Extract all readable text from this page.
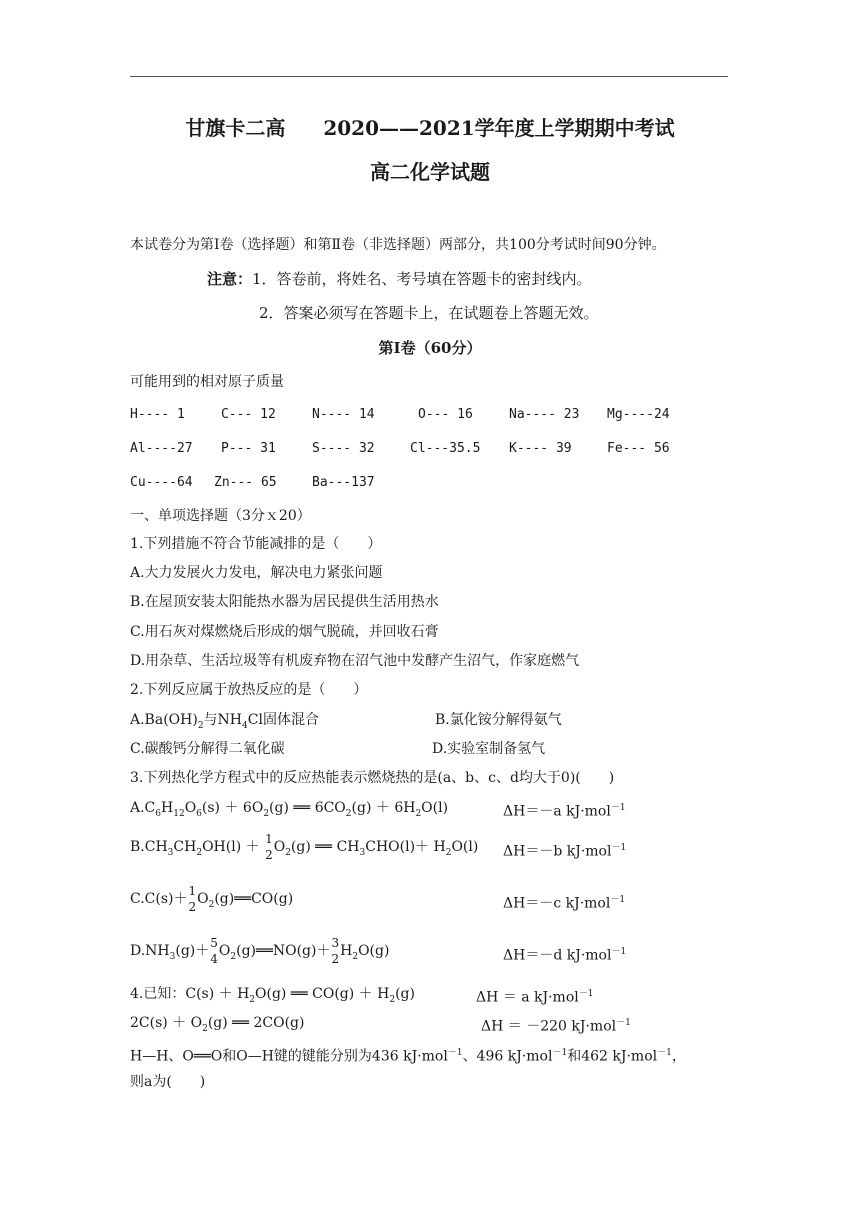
甘旗卡二高 2020——2021学年度上学期期中考试
高二化学试题
本试卷分为第Ⅰ卷（选择题）和第Ⅱ卷（非选择题）两部分，共100分考试时间90分钟。
注意：1．答卷前，将姓名、考号填在答题卡的密封线内。
2．答案必须写在答题卡上，在试题卷上答题无效。
第Ⅰ卷（60分）
可能用到的相对原子质量
H---- 1	C--- 12	N---- 14	O--- 16	Na---- 23 Mg----24
Al----27 P--- 31	S---- 32	Cl---35.5 K---- 39	Fe--- 56
Cu----64 Zn--- 65	Ba---137
一、单项选择题（3分ｘ20）
1.下列措施不符合节能减排的是（　　）
A.大力发展火力发电，解决电力紧张问题
B.在屋顶安装太阳能热水器为居民提供生活用热水
C.用石灰对煤燃烧后形成的烟气脱硫，并回收石膏
D.用杂草、生活垃圾等有机废弃物在沼气池中发酵产生沼气，作家庭燃气
2.下列反应属于放热反应的是（　　）
$A.Ba(OH)_2$与$NH_4Cl$固体混合	B.氯化铵分解得氨气
C.碳酸钙分解得二氧化碳	D.实验室制备氢气
3.下列热化学方程式中的反应热能表示燃烧热的是(a、b、c、d均大于0)(　　)
$A.C_6H_{12}O_6(s) + 6O_2(g)$ ══ $6CO_2(g) + 6H_2O(l)$	ΔH＝－a kJ·mol$^{-1}$
$B.CH_3CH_2OH(l) + 1$
2 $O_2(g)$ ══ $CH_3CHO(l)+ H_2O(l)$ ΔH＝－b kJ·mol$^{-1}$
C.C(s)＋ 1
2 $O_2(g)══CO(g)$	ΔH＝－c kJ·mol$^{-1}$
$D.NH_3(g)+ 5$
4 $O_2(g)══NO(g)+ 3$
2 $H_2O(g)$	ΔH＝－d kJ·mol$^{-1}$
4.已知：$C(s) + H_2O(g)$ ══ $CO(g) + H_2(g)$	ΔH ＝ a kJ·mol$^{-1}$
$2C(s) + O_2(g)$ ══ 2CO(g)	ΔH ＝ －220 kJ·mol$^{-1}$
H—H、O══O和O—H键的键能分别为436 kJ·mol$^{-1}$、496 kJ·mol$^{-1}$和462 kJ·mol$^{-1}$，
则a为(　　)
